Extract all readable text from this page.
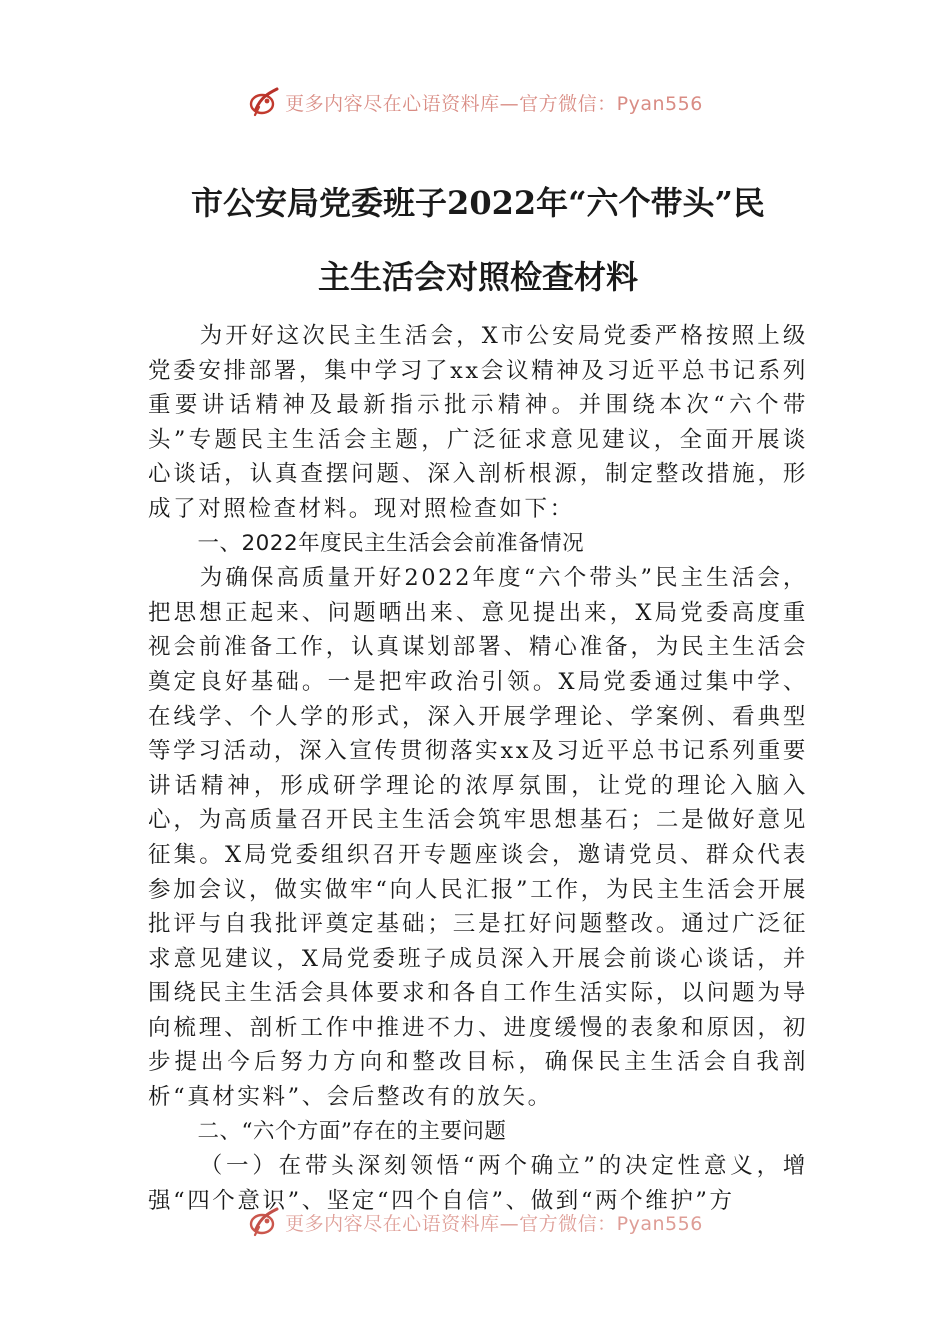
更多内容尽在心语资料库—官方微信：Pyan556
市公安局党委班子2022年“六个带头”民
主生活会对照检查材料

为开好这次民主生活会，X市公安局党委严格按照上级党委安排部署，集中学习了xx会议精神及习近平总书记系列重要讲话精神及最新指示批示精神。并围绕本次“六个带头”专题民主生活会主题，广泛征求意见建议，全面开展谈心谈话，认真查摆问题、深入剖析根源，制定整改措施，形成了对照检查材料。现对照检查如下：

一、2022年度民主生活会会前准备情况

为确保高质量开好2022年度“六个带头”民主生活会，把思想正起来、问题晒出来、意见提出来，X局党委高度重视会前准备工作，认真谋划部署、精心准备，为民主生活会奠定良好基础。一是把牢政治引领。X局党委通过集中学、在线学、个人学的形式，深入开展学理论、学案例、看典型等学习活动，深入宣传贯彻落实xx及习近平总书记系列重要讲话精神，形成研学理论的浓厚氛围，让党的理论入脑入心，为高质量召开民主生活会筑牢思想基石；二是做好意见征集。X局党委组织召开专题座谈会，邀请党员、群众代表参加会议，做实做牢“向人民汇报”工作，为民主生活会开展批评与自我批评奠定基础；三是扛好问题整改。通过广泛征求意见建议，X局党委班子成员深入开展会前谈心谈话，并围绕民主生活会具体要求和各自工作生活实际，以问题为导向梳理、剖析工作中推进不力、进度缓慢的表象和原因，初步提出今后努力方向和整改目标，确保民主生活会自我剖析“真材实料”、会后整改有的放矢。

二、“六个方面”存在的主要问题

（一）在带头深刻领悟“两个确立”的决定性意义，增强“四个意识”、坚定“四个自信”、做到“两个维护”方

更多内容尽在心语资料库—官方微信：Pyan556
